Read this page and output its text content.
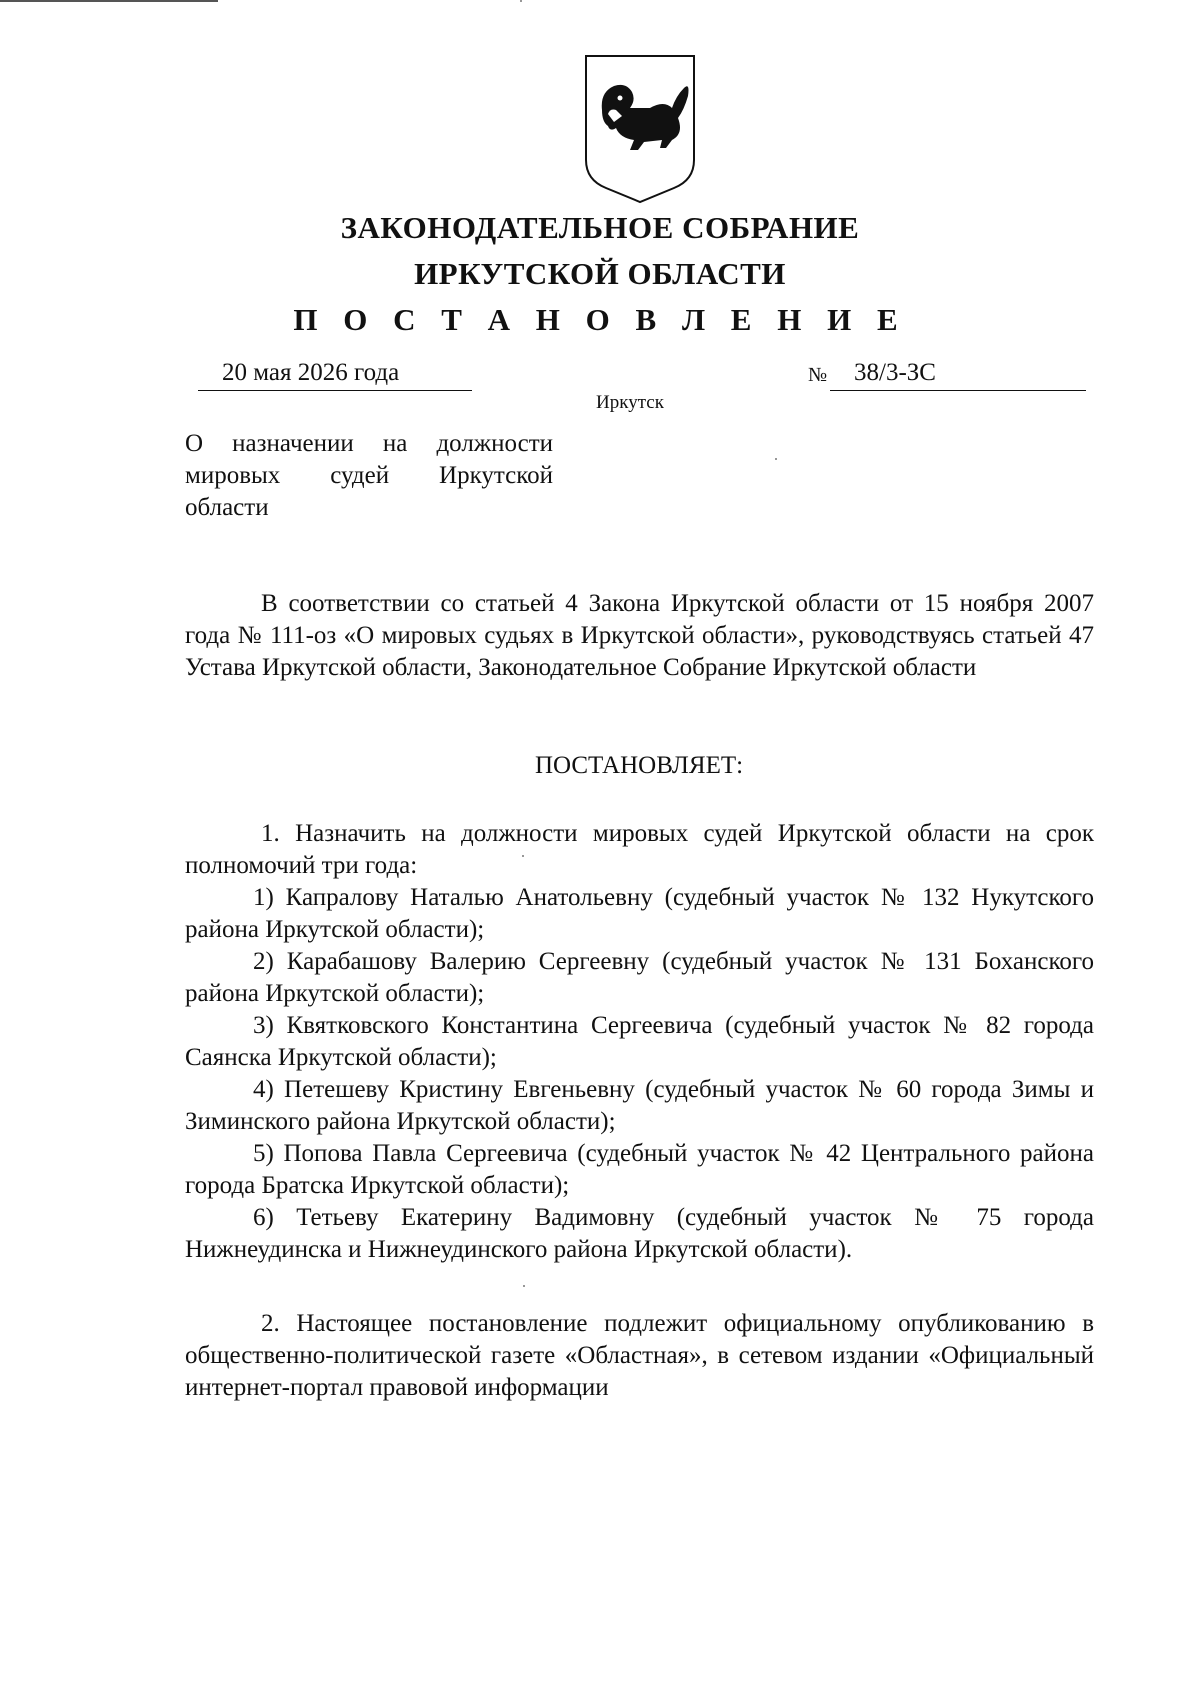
ЗАКОНОДАТЕЛЬНОЕ СОБРАНИЕ
ИРКУТСКОЙ ОБЛАСТИ
П О С Т А Н О В Л Е Н И Е
20 мая 2026 года	№	38/3-ЗС
Иркутск
О назначении на должности мировых судей Иркутской области
В соответствии со статьей 4 Закона Иркутской области от 15 ноября 2007 года № 111-оз «О мировых судьях в Иркутской области», руководствуясь статьей 47 Устава Иркутской области, Законодательное Собрание Иркутской области
ПОСТАНОВЛЯЕТ:
1. Назначить на должности мировых судей Иркутской области на срок полномочий три года:
1) Капралову Наталью Анатольевну (судебный участок № 132 Нукутского района Иркутской области);
2) Карабашову Валерию Сергеевну (судебный участок № 131 Боханского района Иркутской области);
3) Квятковского Константина Сергеевича (судебный участок № 82 города Саянска Иркутской области);
4) Петешеву Кристину Евгеньевну (судебный участок № 60 города Зимы и Зиминского района Иркутской области);
5) Попова Павла Сергеевича (судебный участок № 42 Центрального района города Братска Иркутской области);
6) Тетьеву Екатерину Вадимовну (судебный участок № 75 города Нижнеудинска и Нижнеудинского района Иркутской области).
2. Настоящее постановление подлежит официальному опубликованию в общественно-политической газете «Областная», в сетевом издании «Официальный интернет-портал правовой информации
